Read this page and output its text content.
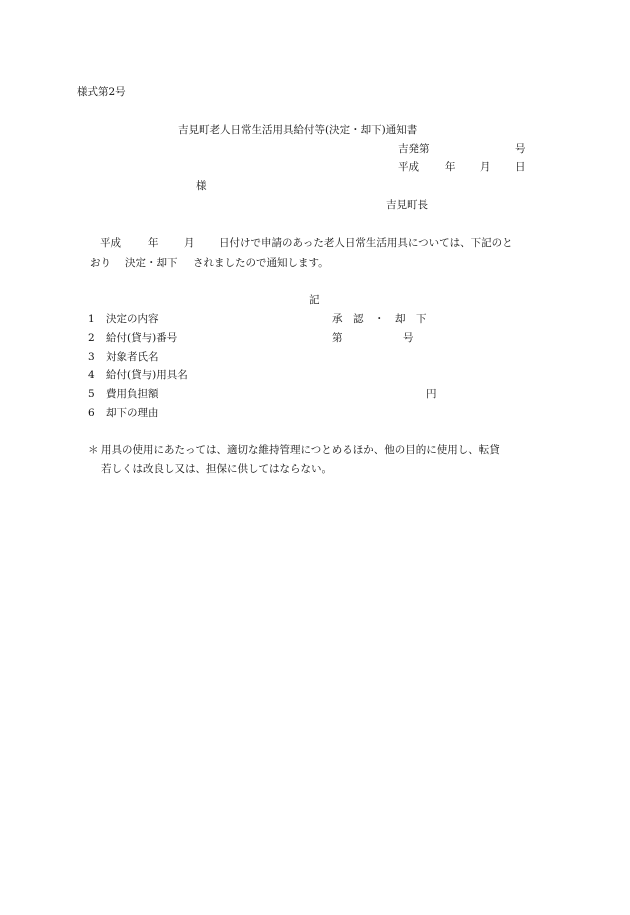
様式第2号
吉見町老人日常生活用具給付等(決定・却下)通知書
吉発第	号
平成 年 月 日
様
吉見町長
平成	年 月 日付けで申請のあった老人日常生活用具については、下記のと
おり 決定・却下 されましたので通知します。
記
1 決定の内容	承　認　・　却　下
2 給付(貸与)番号	第	号
3 対象者氏名
4 給付(貸与)用具名
5 費用負担額	円
6 却下の理由
＊ 用具の使用にあたっては、適切な維持管理につとめるほか、他の目的に使用し、転貸
若しくは改良し又は、担保に供してはならない。
